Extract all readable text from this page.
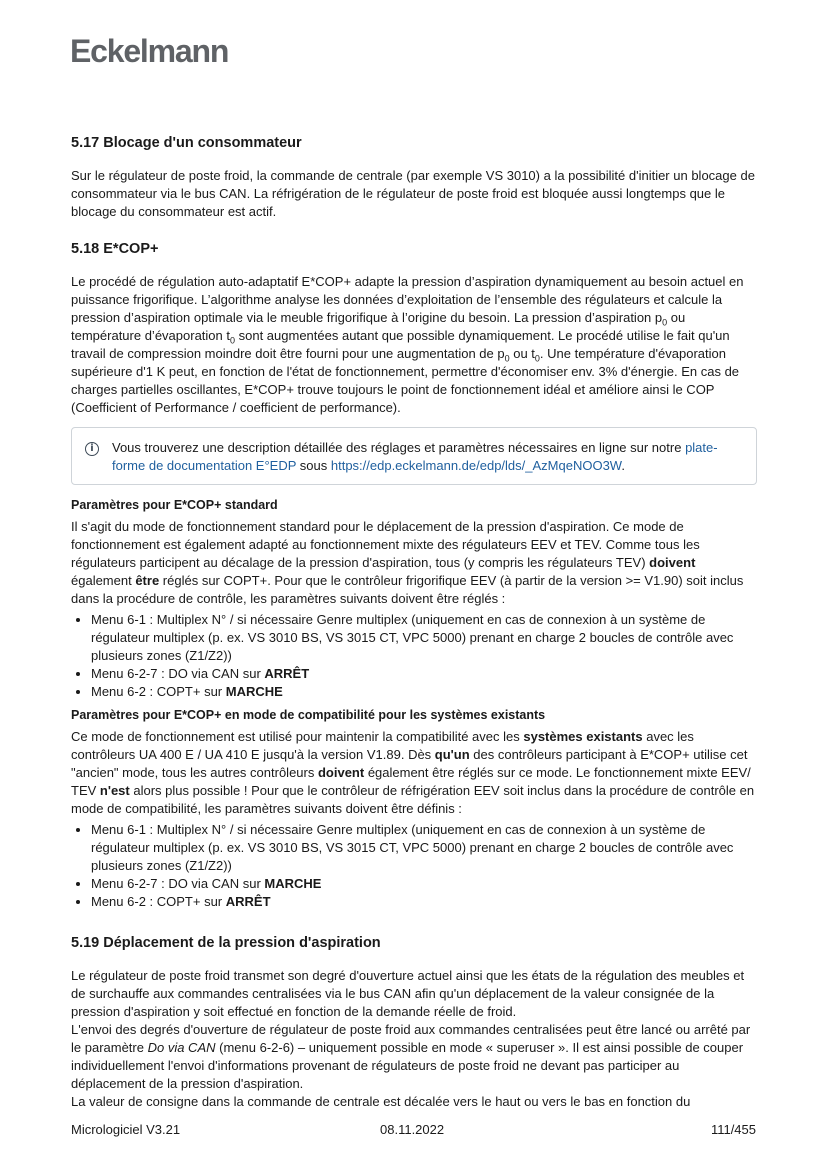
Eckelmann
5.17 Blocage d'un consommateur

Sur le régulateur de poste froid, la commande de centrale (par exemple VS 3010) a la possibilité d'initier un blocage de consommateur via le bus CAN. La réfrigération de le régulateur de poste froid est bloquée aussi longtemps que le blocage du consommateur est actif.

5.18 E*COP+

Le procédé de régulation auto-adaptatif E*COP+ adapte la pression d’aspiration dynamiquement au besoin actuel en puissance frigorifique. L’algorithme analyse les données d’exploitation de l’ensemble des régulateurs et calcule la pression d’aspiration optimale via le meuble frigorifique à l’origine du besoin. La pression d’aspiration $p_0$ ou température d’évaporation $t_0$ sont augmentées autant que possible dynamiquement. Le procédé utilise le fait qu'un travail de compression moindre doit être fourni pour une augmentation de $p_0$ ou $t_0$. Une température d'évaporation supérieure d'1 K peut, en fonction de l'état de fonctionnement, permettre d'économiser env. 3% d'énergie. En cas de charges partielles oscillantes, E*COP+ trouve toujours le point de fonctionnement idéal et améliore ainsi le COP (Coefficient of Performance / coefficient de performance).

i	Vous trouverez une description détaillée des réglages et paramètres nécessaires en ligne sur notre plate-forme de documentation E°EDP sous https://edp.eckelmann.de/edp/lds/_AzMqeNOO3W.
Paramètres pour E*COP+ standard

Il s'agit du mode de fonctionnement standard pour le déplacement de la pression d'aspiration. Ce mode de fonctionnement est également adapté au fonctionnement mixte des régulateurs EEV et TEV. Comme tous les régulateurs participent au décalage de la pression d'aspiration, tous (y compris les régulateurs TEV) doivent également être réglés sur COPT+. Pour que le contrôleur frigorifique EEV (à partir de la version >= V1.90) soit inclus dans la procédure de contrôle, les paramètres suivants doivent être réglés :

• Menu 6-1 : Multiplex N° / si nécessaire Genre multiplex (uniquement en cas de connexion à un système de régulateur multiplex (p. ex. VS 3010 BS, VS 3015 CT, VPC 5000) prenant en charge 2 boucles de contrôle avec plusieurs zones (Z1/Z2))
• Menu 6-2-7 : DO via CAN sur ARRÊT
• Menu 6-2 : COPT+ sur MARCHE
Paramètres pour E*COP+ en mode de compatibilité pour les systèmes existants

Ce mode de fonctionnement est utilisé pour maintenir la compatibilité avec les systèmes existants avec les contrôleurs UA 400 E / UA 410 E jusqu'à la version V1.89. Dès qu'un des contrôleurs participant à E*COP+ utilise cet "ancien" mode, tous les autres contrôleurs doivent également être réglés sur ce mode. Le fonctionnement mixte EEV/ TEV n'est alors plus possible ! Pour que le contrôleur de réfrigération EEV soit inclus dans la procédure de contrôle en mode de compatibilité, les paramètres suivants doivent être définis :

• Menu 6-1 : Multiplex N° / si nécessaire Genre multiplex (uniquement en cas de connexion à un système de régulateur multiplex (p. ex. VS 3010 BS, VS 3015 CT, VPC 5000) prenant en charge 2 boucles de contrôle avec plusieurs zones (Z1/Z2))
• Menu 6-2-7 : DO via CAN sur MARCHE
• Menu 6-2 : COPT+ sur ARRÊT
5.19 Déplacement de la pression d'aspiration

Le régulateur de poste froid transmet son degré d'ouverture actuel ainsi que les états de la régulation des meubles et de surchauffe aux commandes centralisées via le bus CAN afin qu'un déplacement de la valeur consignée de la pression d'aspiration y soit effectué en fonction de la demande réelle de froid.

L'envoi des degrés d'ouverture de régulateur de poste froid aux commandes centralisées peut être lancé ou arrêté par le paramètre Do via CAN (menu 6-2-6) – uniquement possible en mode « superuser ». Il est ainsi possible de couper individuellement l'envoi d'informations provenant de régulateurs de poste froid ne devant pas participer au déplacement de la pression d'aspiration.

La valeur de consigne dans la commande de centrale est décalée vers le haut ou vers le bas en fonction du

Micrologiciel V3.21	08.11.2022	111/455
